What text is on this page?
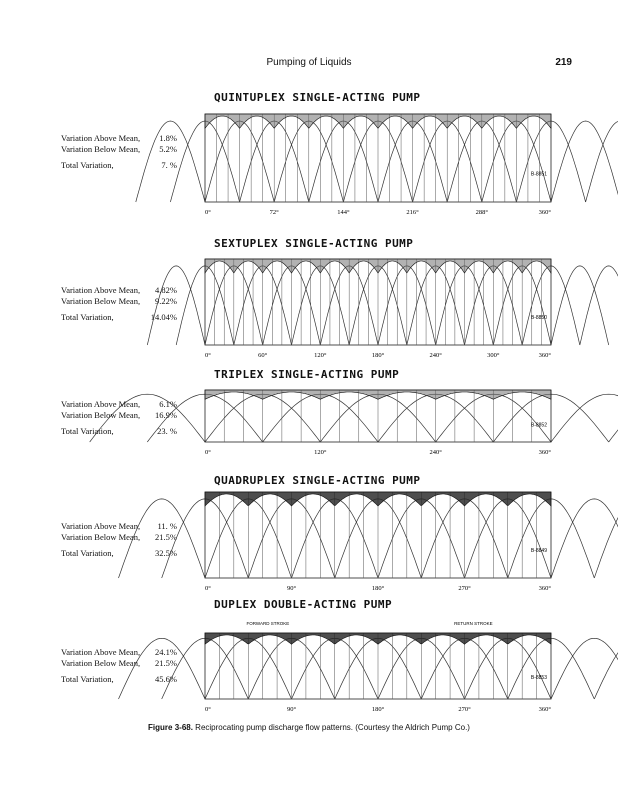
Pumping of Liquids	219
QUINTUPLEX SINGLE-ACTING PUMP
Variation Above Mean, 1.8%
Variation Below Mean, 5.2%
Total Variation,	7. %
B-8851
0°	72°	144°	216°	288°	360°
SEXTUPLEX SINGLE-ACTING PUMP
Variation Above Mean, 4.82%
Variation Below Mean, 9.22%
Total Variation,	14.04%	B-8850
0°	60°	120°	180°	240°	300°	360°
TRIPLEX SINGLE-ACTING PUMP
Variation Above Mean, 6.1%
Variation Below Mean, 16.9%
Total Variation,	23. %
B-8852
0°	120°	240°	360°
QUADRUPLEX SINGLE-ACTING PUMP
Variation Above Mean, 11. %
Variation Below Mean, 21.5%
Total Variation,	32.5%	B-8849
0°	90°	180°	270°	360°
DUPLEX DOUBLE-ACTING PUMP
Variation Above Mean, 24.1%
Variation Below Mean, 21.5%
Total Variation,	45.6%	B-8853
FORWARD STROKE	RETURN STROKE
0°	90°	180°	270°	360°
Figure 3-68. Reciprocating pump discharge flow patterns. (Courtesy the Aldrich Pump Co.)
